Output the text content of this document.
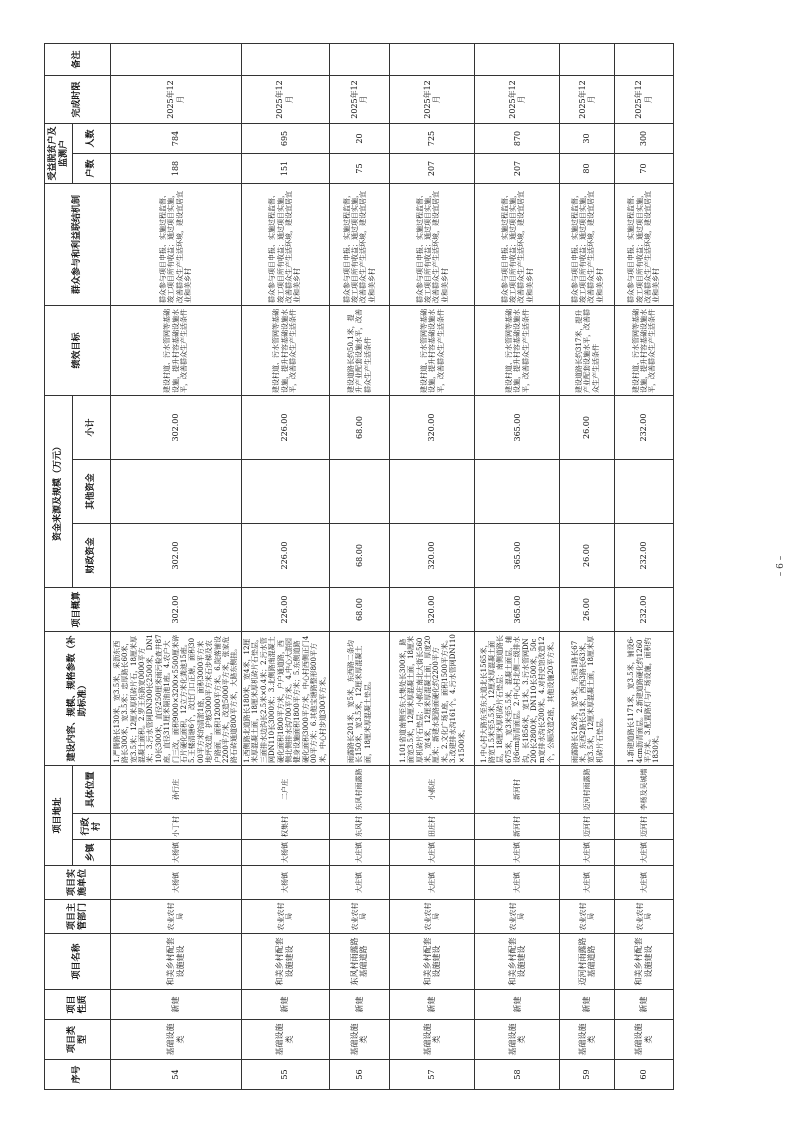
序号	项目类型	项目性质	项目名称	项目主管部门	项目实施单位	项目地址			建设内容、规模、规格参数（补助标准）	项目概算	资金来源及规模（万元）			绩效目标	群众参与和利益联结机制	受益脱贫户及监测户		完成时限	备注
						乡镇	行政村	具体位置			财政资金	其他资金	小计			户数	人数		

54	基础设施类	新建	和美乡村配套设施建设	农业农村局	大杨镇	大杨镇	小丁村	孙行庄	1.严腾路长130米，宽3.5米，采沥东西路长300米，宽3.5米；忠厚路长60米，宽3.5米；12厘米厚机砖片石，18厘米厚混凝土面积。2.罗王东路宽0000平方米；3.污水管网DN300长2500米，DN110长300米，直径250厘米雨污检查井87座，直径311厘米隔油池1座。4.农户大门三改，面积9000×3200×5500厘米碎石片硬化面积，12立方米化粪池15座。5.王楼清塘6个，改迁门口正塘，面积3000平方米的清淤1座，面积3000平方米地坪改造，护坡3000平方米石步梯及农户路面，面积12000平方米。6.院落铺设2200平方米，改造5000平方米，张家危路石砖通道800平方米，大路东侧挂。	302.00	302.00		302.00	建设村道、污水管网等基础设施，提升村容基础设施水平，改善群众生产生活条件	群众参与项目申报、实施过程监督、竣工项目所有收益；通过项目实施，改善群众生产生活环境，建设宜居宜业和美乡村	188	784	2025年12月	
55	基础设施类	新建	和美乡村配套设施建设	农业农村局	大杨镇	大杨镇	权集村	二户庄	1.西侧路北道路长180米，宽4米，12厘米厚混凝土面，18厘米厚机砖片石垫层，三面排水边沟长2.5米×0.4米；2.污水管网DN110长3000米；3.北侧路南混凝土硬化面积1800平方米，户户通道路，西侧北侧排水沟700平方米。4.中心大游园健身设施面积1800平方米；5.东侧道路硬化面积3000平方米，中心村西侧正门400平方米；6.其他宝塘路整形800平方米，中心村步道300平方米。	226.00	226.00		226.00	建设村道、污水管网等基础设施，提升村容基础设施水平，改善群众生产生活条件	群众参与项目申报、实施过程监督、竣工项目所有收益；通过项目实施，改善群众生产生活环境，建设宜居宜业和美乡村	151	695	2025年12月	
56	基础设施类	新建	东风村雨露路基础道路	农业农村局	大庄镇	大庄镇	东风村	东风村雨露路	雨露路长201米，宽5米，东西路二条均长150米，宽3.5米，12厘米厚混凝土面，18厘米厚混凝土垫层。	68.00	68.00		68.00	建设道路长约50.1米，提升产业配套设施水平，改善群众生产生活条件	群众参与项目申报、实施过程监督，竣工项目所有收益；通过项目实施，改善群众生产生活环境，建设宜居宜业和美乡村	75	20	2025年12月	
57	基础设施类	新建	和美乡村配套设施建设	农业农村局	大庄镇	大庄镇	田庄村	小郝庄	1.101省道南侧至东大集处长300米，路面宽3.5米，12厘米厚混凝土面，18厘米厚机砖片石垫层；小郝庄南北大街长560米，宽4米，12厘米厚混凝土面，厚度20厘米；新建水泥路面硬化约2200平方米。2.文化广场1座，面积1500平方米。3.改建排水沟161个。4.污水管网DN110×1500米。	320.00	320.00		320.00	建设村道、污水管网等基础设施，提升村容基础设施水平，改善群众生产生活条件	群众参与项目申报、实施过程监督、竣工项目所有收益；通过项目实施，改善群众生产生活环境，建设宜居宜业和美乡村	207	725	2025年12月	
58	基础设施类	新建	和美乡村配套设施建设	农业农村局	大庄镇	大庄镇	新河村	新河村	1.中心村大路东至东大道北长1565米，路宽1.5米至5.5米，12厘米厚混凝土面层，18厘米厚机砖片石垫层；南侧道路长675米，宽3米至5.5米，混凝土面层，辅设6cm沥青面层。2.中心村北侧二级排水沟，长1856米，宽1米。3.污水管网DN200长2800米，DN110长500米，50cm宽排水沟长200米。4.对村史馆改造12个，公厕改造2座，其他设施20平方米。	365.00	365.00		365.00	建设村道、污水管网等基础设施，提升村容基础设施水平，改善群众生产生活条件	群众参与项目申报、实施过程监督、竣工项目所有收益；通过项目实施，改善群众生产生活环境，建设宜居宜业和美乡村	207	870	2025年12月	
59	基础设施类	新建	迈河村雨露路基础道路	农业农村局	大庄镇	大庄镇	迈河村	迈河村雨露路	雨露路长126米，宽3米，东西1路长67米，东西2路长51米，西西3路长63米，宽3.5米，12厘米厚混凝土面，18厘米厚机砖片石垫层。	26.00	26.00		26.00	建设道路长约317米，提升产业配套设施水平，改善群众生产生活条件	群众参与项目申报、实施过程监督，竣工项目所有收益；通过项目实施，改善群众生产生活环境，建设宜居宜业和美乡村	80	30	2025年12月	
60	基础设施类	新建	和美乡村配套设施建设	农业农村局	大庄镇	大庄镇	迈河村	李杨及吴城墙	1.新建道路长1171米，宽3.5米，铺设6-4cm沥青面层。2.新建道路硬化约1260平方米。3.配置路灯与广场设施，面积约1830米。	232.00	232.00		232.00	建设村道、污水管网等基础设施，提升村容基础设施水平，改善群众生产生活条件	群众参与项目申报、实施过程监督、竣工项目所有收益；通过项目实施，改善群众生产生活环境，建设宜居宜业和美乡村	70	300	2025年12月	
– 6 –
